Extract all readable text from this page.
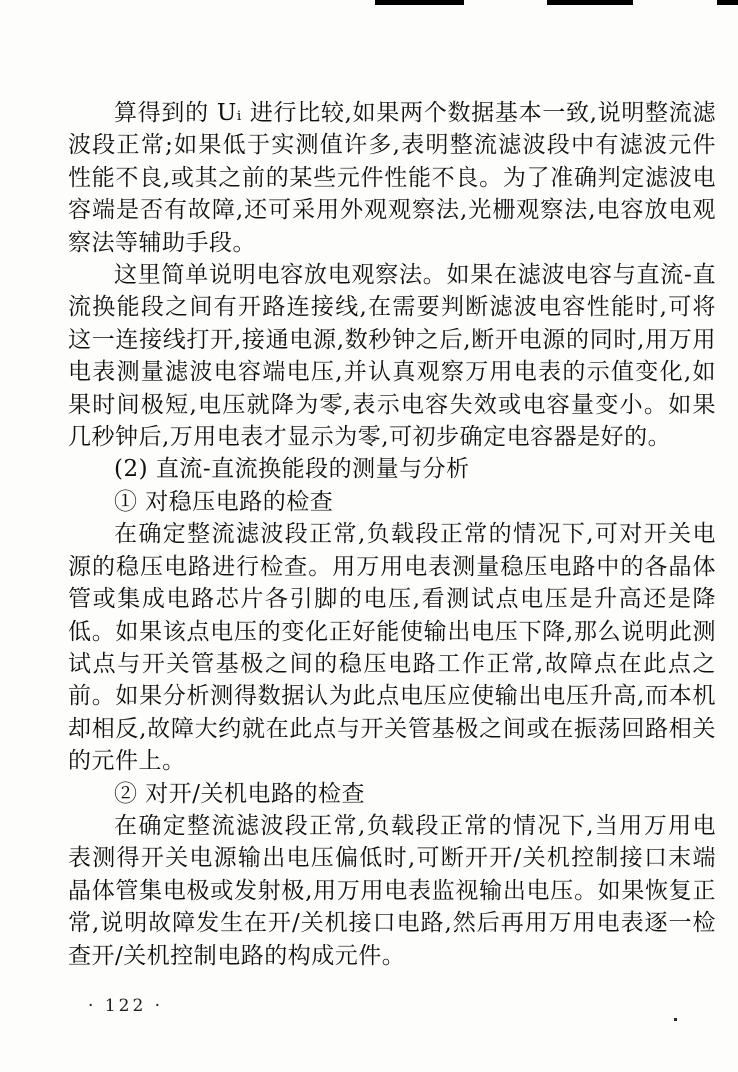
算得到的 Uᵢ 进行比较,如果两个数据基本一致,说明整流滤波段正常;如果低于实测值许多,表明整流滤波段中有滤波元件性能不良,或其之前的某些元件性能不良。为了准确判定滤波电容端是否有故障,还可采用外观观察法,光栅观察法,电容放电观察法等辅助手段。

这里简单说明电容放电观察法。如果在滤波电容与直流-直流换能段之间有开路连接线,在需要判断滤波电容性能时,可将这一连接线打开,接通电源,数秒钟之后,断开电源的同时,用万用电表测量滤波电容端电压,并认真观察万用电表的示值变化,如果时间极短,电压就降为零,表示电容失效或电容量变小。如果几秒钟后,万用电表才显示为零,可初步确定电容器是好的。

(2) 直流-直流换能段的测量与分析

① 对稳压电路的检查

在确定整流滤波段正常,负载段正常的情况下,可对开关电源的稳压电路进行检查。用万用电表测量稳压电路中的各晶体管或集成电路芯片各引脚的电压,看测试点电压是升高还是降低。如果该点电压的变化正好能使输出电压下降,那么说明此测试点与开关管基极之间的稳压电路工作正常,故障点在此点之前。如果分析测得数据认为此点电压应使输出电压升高,而本机却相反,故障大约就在此点与开关管基极之间或在振荡回路相关的元件上。

② 对开/关机电路的检查

在确定整流滤波段正常,负载段正常的情况下,当用万用电表测得开关电源输出电压偏低时,可断开开/关机控制接口末端晶体管集电极或发射极,用万用电表监视输出电压。如果恢复正常,说明故障发生在开/关机接口电路,然后再用万用电表逐一检查开/关机控制电路的构成元件。

· 122 ·
